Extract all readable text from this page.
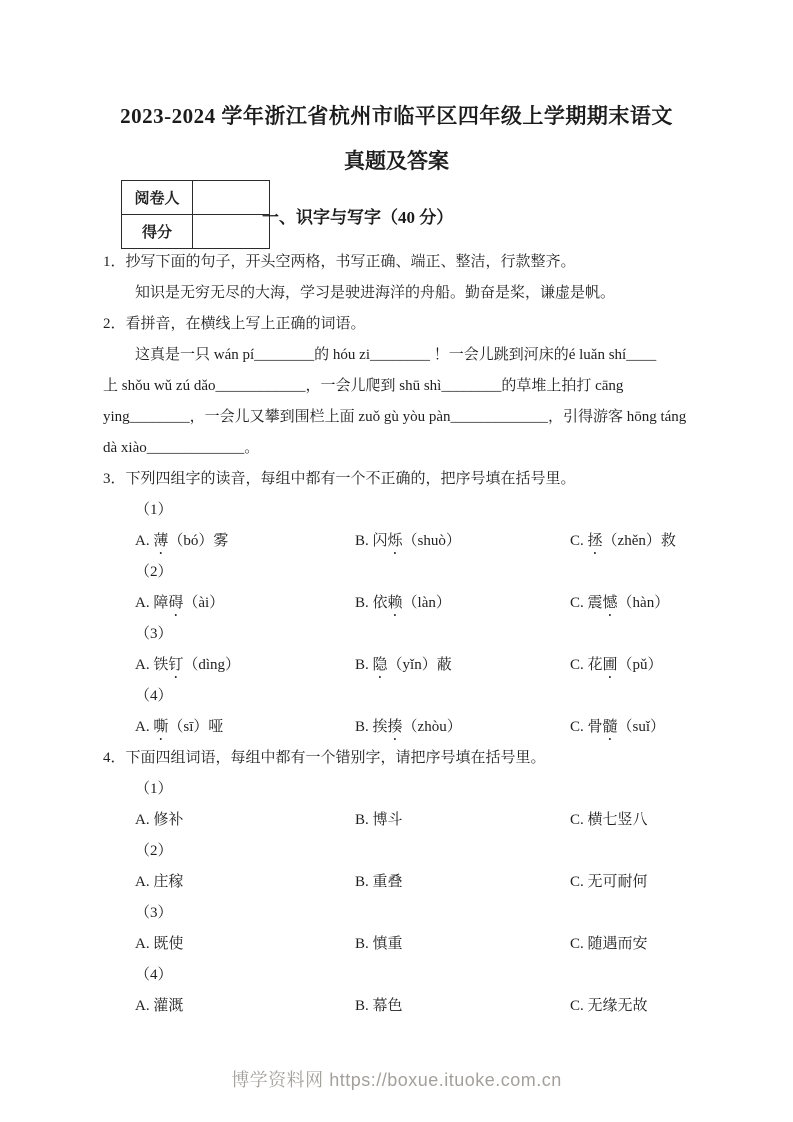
2023-2024 学年浙江省杭州市临平区四年级上学期期末语文
真题及答案
阅卷人	
得分	
一、识字与写字（40 分）
1．抄写下面的句子，开头空两格，书写正确、端正、整洁，行款整齐。
知识是无穷无尽的大海，学习是驶进海洋的舟船。勤奋是桨，谦虚是帆。
2．看拼音，在横线上写上正确的词语。
这真是一只 wán pí________的 hóu zi________ ！一会儿跳到河床的é luǎn shí____
上 shǒu wǔ zú dǎo____________，一会儿爬到 shū shì________的草堆上拍打 cāng
ying________，一会儿又攀到围栏上面 zuǒ gù yòu pàn_____________，引得游客 hōng táng
dà xiào_____________。
3．下列四组字的读音，每组中都有一个不正确的，把序号填在括号里。
（1）
A. 薄（bó）雾	B. 闪烁（shuò）	C. 拯（zhěn）救
（2）
A. 障碍（ài）	B. 依赖（làn）	C. 震憾（hàn）
（3）
A. 铁钉（dìng）	B. 隐（yǐn）蔽	C. 花圃（pǔ）
（4）
A. 嘶（sī）哑	B. 挨揍（zhòu）	C. 骨髓（suǐ）
4．下面四组词语，每组中都有一个错别字，请把序号填在括号里。
（1）
A. 修补	B. 博斗	C. 横七竖八
（2）
A. 庄稼	B. 重叠	C. 无可耐何
（3）
A. 既使	B. 慎重	C. 随遇而安
（4）
A. 灌溉	B. 幕色	C. 无缘无故
博学资料网 https://boxue.ituoke.com.cn
